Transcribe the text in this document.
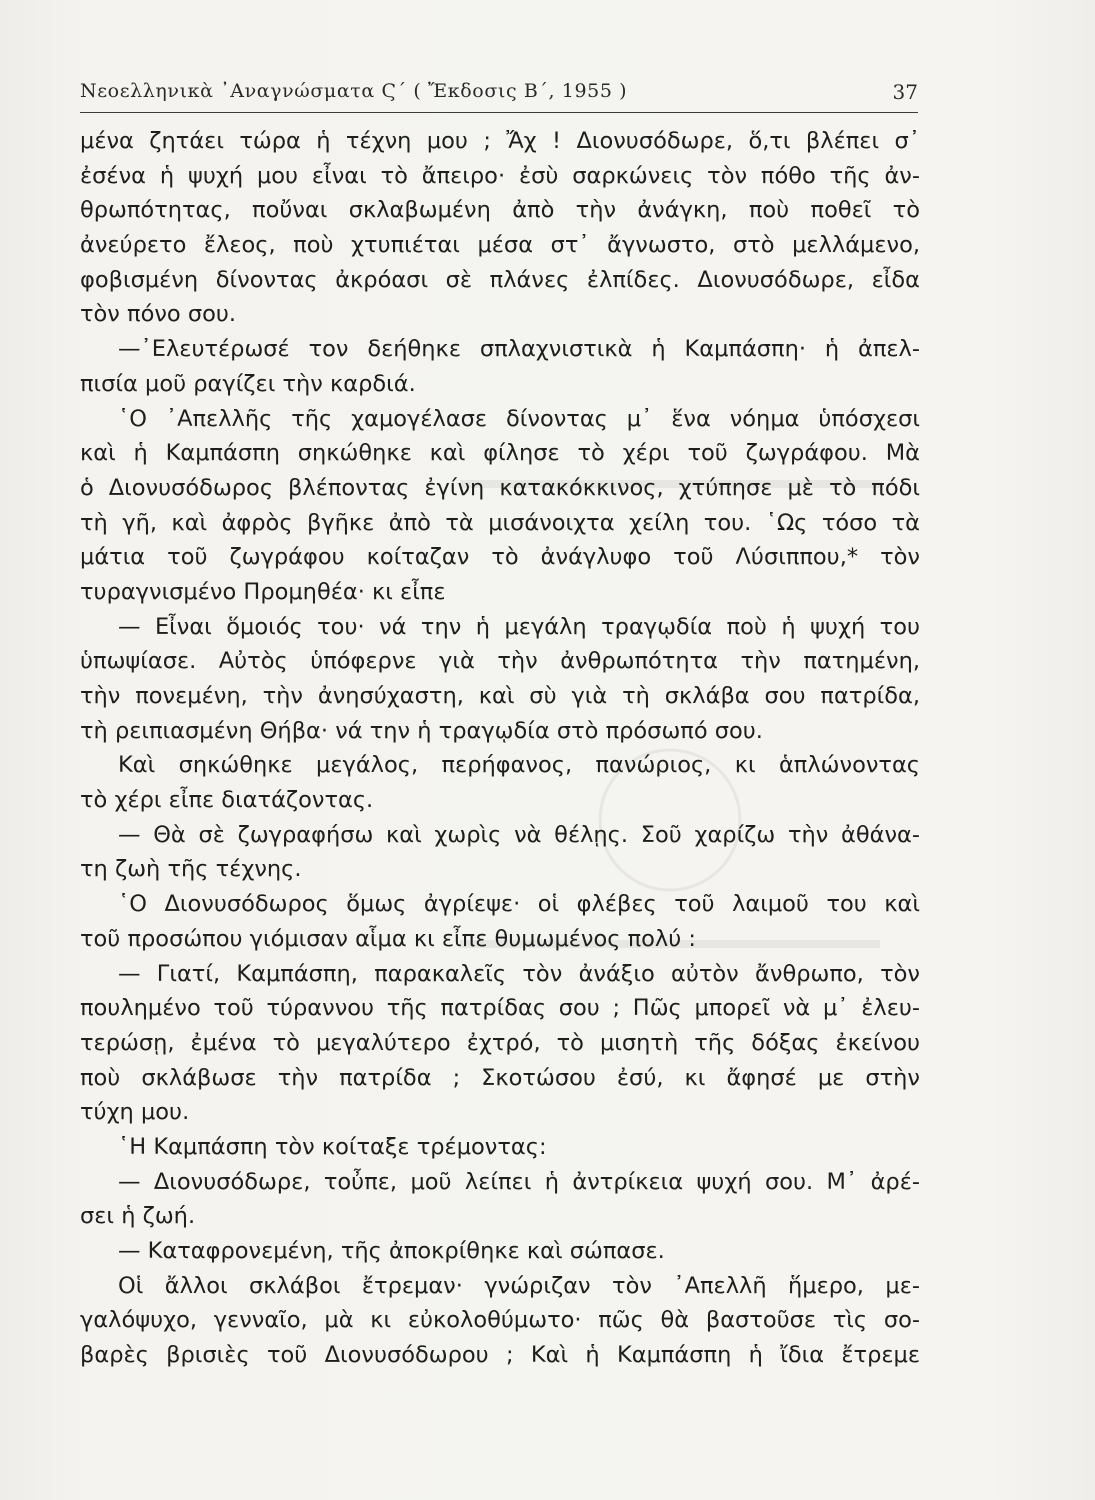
Νεοελληνικὰ ᾿Αναγνώσματα Ϛ΄ ( Ἔκδοσις Β΄, 1955 )	37
μένα ζητάει τώρα ἡ τέχνη μου ; Ἄχ ! Διονυσόδωρε, ὅ,τι βλέπει σ᾿
ἐσένα ἡ ψυχή μου εἶναι τὸ ἄπειρο· ἐσὺ σαρκώνεις τὸν πόθο τῆς ἀν-
θρωπότητας, ποὔναι σκλαβωμένη ἀπὸ τὴν ἀνάγκη, ποὺ ποθεῖ τὸ
ἀνεύρετο ἔλεος, ποὺ χτυπιέται μέσα στ᾿ ἄγνωστο, στὸ μελλάμενο,
φοβισμένη δίνοντας ἀκρόασι σὲ πλάνες ἐλπίδες. Διονυσόδωρε, εἶδα
τὸν πόνο σου.
—᾿Ελευτέρωσέ τον δεήθηκε σπλαχνιστικὰ ἡ Καμπάσπη· ἡ ἀπελ-
πισία μοῦ ραγίζει τὴν καρδιά.
῾Ο ᾿Απελλῆς τῆς χαμογέλασε δίνοντας μ᾿ ἕνα νόημα ὑπόσχεσι
καὶ ἡ Καμπάσπη σηκώθηκε καὶ φίλησε τὸ χέρι τοῦ ζωγράφου. Μὰ
ὁ Διονυσόδωρος βλέποντας ἐγίνη κατακόκκινος, χτύπησε μὲ τὸ πόδι
τὴ γῆ, καὶ ἀφρὸς βγῆκε ἀπὸ τὰ μισάνοιχτα χείλη του. ῾Ως τόσο τὰ
μάτια τοῦ ζωγράφου κοίταζαν τὸ ἀνάγλυφο τοῦ Λύσιππου,* τὸν
τυραγνισμένο Προμηθέα· κι εἶπε
— Εἶναι ὅμοιός του· νά την ἡ μεγάλη τραγῳδία ποὺ ἡ ψυχή του
ὑπωψίασε. Αὐτὸς ὑπόφερνε γιὰ τὴν ἀνθρωπότητα τὴν πατημένη,
τὴν πονεμένη, τὴν ἀνησύχαστη, καὶ σὺ γιὰ τὴ σκλάβα σου πατρίδα,
τὴ ρειπιασμένη Θήβα· νά την ἡ τραγῳδία στὸ πρόσωπό σου.
Καὶ σηκώθηκε μεγάλος, περήφανος, πανώριος, κι ἁπλώνοντας
τὸ χέρι εἶπε διατάζοντας.
— Θὰ σὲ ζωγραφήσω καὶ χωρὶς νὰ θέλῃς. Σοῦ χαρίζω τὴν ἀθάνα-
τη ζωὴ τῆς τέχνης.
῾Ο Διονυσόδωρος ὅμως ἀγρίεψε· οἱ φλέβες τοῦ λαιμοῦ του καὶ
τοῦ προσώπου γιόμισαν αἷμα κι εἶπε θυμωμένος πολύ :
— Γιατί, Καμπάσπη, παρακαλεῖς τὸν ἀνάξιο αὐτὸν ἄνθρωπο, τὸν
πουλημένο τοῦ τύραννου τῆς πατρίδας σου ; Πῶς μπορεῖ νὰ μ᾿ ἐλευ-
τερώσῃ, ἐμένα τὸ μεγαλύτερο ἐχτρό, τὸ μισητὴ τῆς δόξας ἐκείνου
ποὺ σκλάβωσε τὴν πατρίδα ; Σκοτώσου ἐσύ, κι ἄφησέ με στὴν
τύχη μου.
῾Η Καμπάσπη τὸν κοίταξε τρέμοντας:
— Διονυσόδωρε, τοὖπε, μοῦ λείπει ἡ ἀντρίκεια ψυχή σου. Μ᾿ ἀρέ-
σει ἡ ζωή.
— Καταφρονεμένη, τῆς ἀποκρίθηκε καὶ σώπασε.
Οἱ ἄλλοι σκλάβοι ἔτρεμαν· γνώριζαν τὸν ᾿Απελλῆ ἥμερο, με-
γαλόψυχο, γενναῖο, μὰ κι εὐκολοθύμωτο· πῶς θὰ βαστοῦσε τὶς σο-
βαρὲς βρισιὲς τοῦ Διονυσόδωρου ; Καὶ ἡ Καμπάσπη ἡ ἴδια ἔτρεμε
